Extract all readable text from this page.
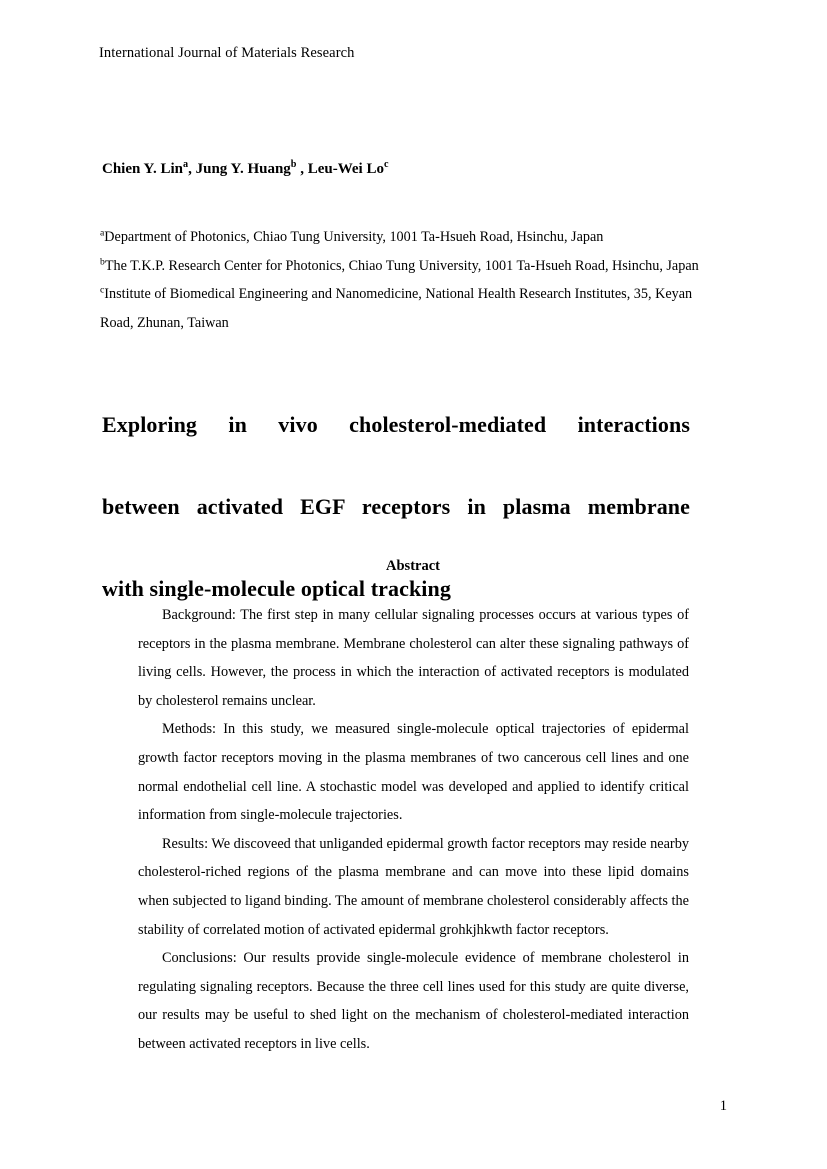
International Journal of Materials Research
Chien Y. Lin$^a$, Jung Y. Huang$^b$ , Leu-Wei Lo$^c$

$^a$Department of Photonics, Chiao Tung University, 1001 Ta-Hsueh Road, Hsinchu, Japan

$^b$The T.K.P. Research Center for Photonics, Chiao Tung University, 1001 Ta-Hsueh Road, Hsinchu, Japan

$^c$Institute of Biomedical Engineering and Nanomedicine, National Health Research Institutes, 35, Keyan Road, Zhunan, Taiwan

Exploring in vivo cholesterol-mediated interactions
between activated EGF receptors in plasma membrane
with single-molecule optical tracking
Abstract

Background: The first step in many cellular signaling processes occurs at various types of receptors in the plasma membrane. Membrane cholesterol can alter these signaling pathways of living cells. However, the process in which the interaction of activated receptors is modulated by cholesterol remains unclear.

Methods: In this study, we measured single-molecule optical trajectories of epidermal growth factor receptors moving in the plasma membranes of two cancerous cell lines and one normal endothelial cell line. A stochastic model was developed and applied to identify critical information from single-molecule trajectories.

Results: We discoveed that unliganded epidermal growth factor receptors may reside nearby cholesterol-riched regions of the plasma membrane and can move into these lipid domains when subjected to ligand binding. The amount of membrane cholesterol considerably affects the stability of correlated motion of activated epidermal grohkjhkwth factor receptors.

Conclusions: Our results provide single-molecule evidence of membrane cholesterol in regulating signaling receptors. Because the three cell lines used for this study are quite diverse, our results may be useful to shed light on the mechanism of cholesterol-mediated interaction between activated receptors in live cells.

1
